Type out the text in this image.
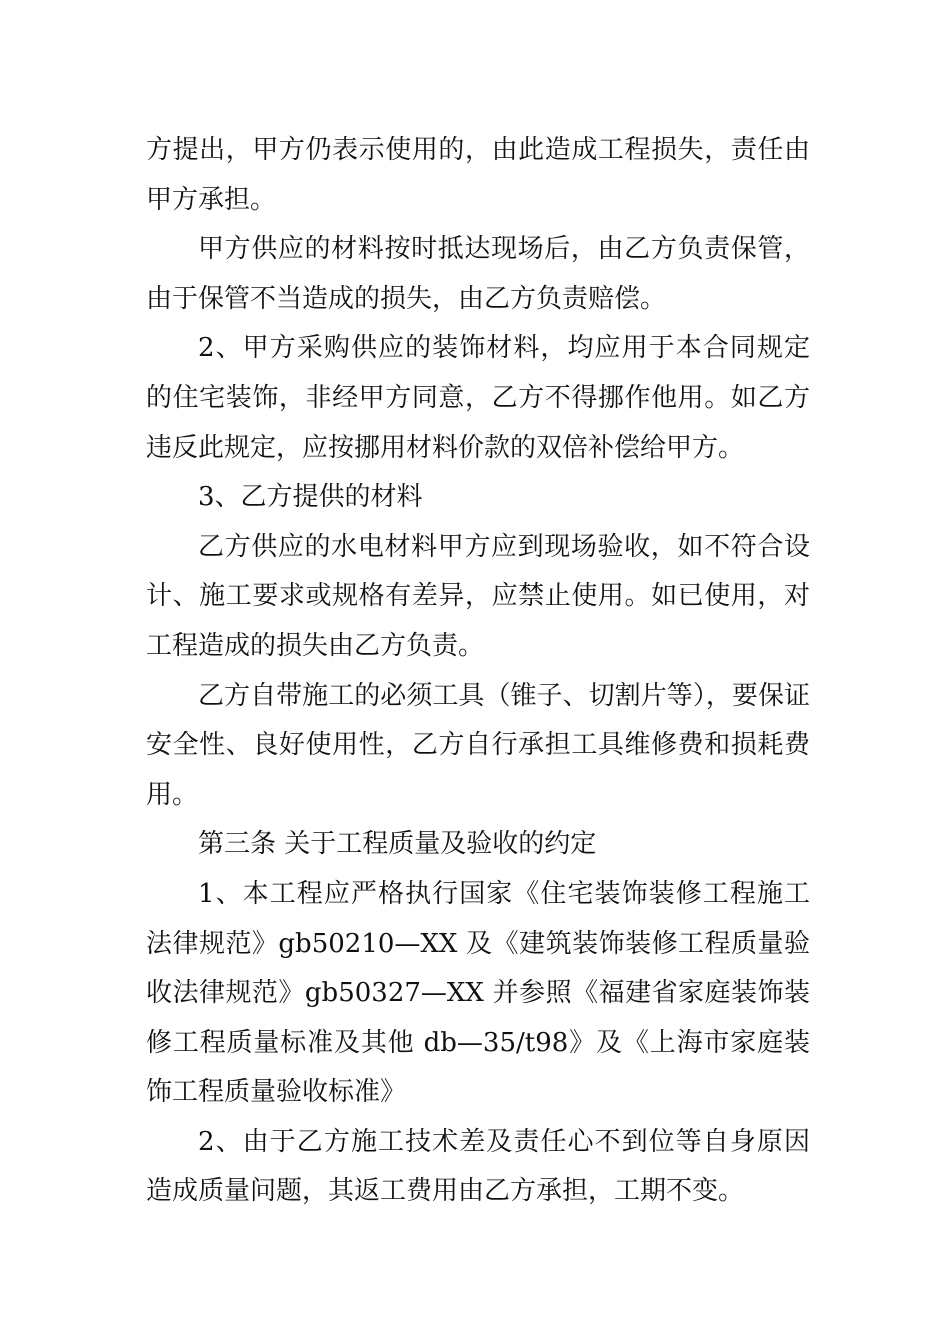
方提出，甲方仍表示使用的，由此造成工程损失，责任由甲方承担。

甲方供应的材料按时抵达现场后，由乙方负责保管，由于保管不当造成的损失，由乙方负责赔偿。

2、甲方采购供应的装饰材料，均应用于本合同规定的住宅装饰，非经甲方同意，乙方不得挪作他用。如乙方违反此规定，应按挪用材料价款的双倍补偿给甲方。

3、乙方提供的材料

乙方供应的水电材料甲方应到现场验收，如不符合设计、施工要求或规格有差异，应禁止使用。如已使用，对工程造成的损失由乙方负责。

乙方自带施工的必须工具（锥子、切割片等），要保证安全性、良好使用性，乙方自行承担工具维修费和损耗费用。

第三条 关于工程质量及验收的约定

1、本工程应严格执行国家《住宅装饰装修工程施工法律规范》gb50210—XX 及《建筑装饰装修工程质量验收法律规范》gb50327—XX 并参照《福建省家庭装饰装修工程质量标准及其他 db—35/t98》及《上海市家庭装饰工程质量验收标准》

2、由于乙方施工技术差及责任心不到位等自身原因造成质量问题，其返工费用由乙方承担，工期不变。
